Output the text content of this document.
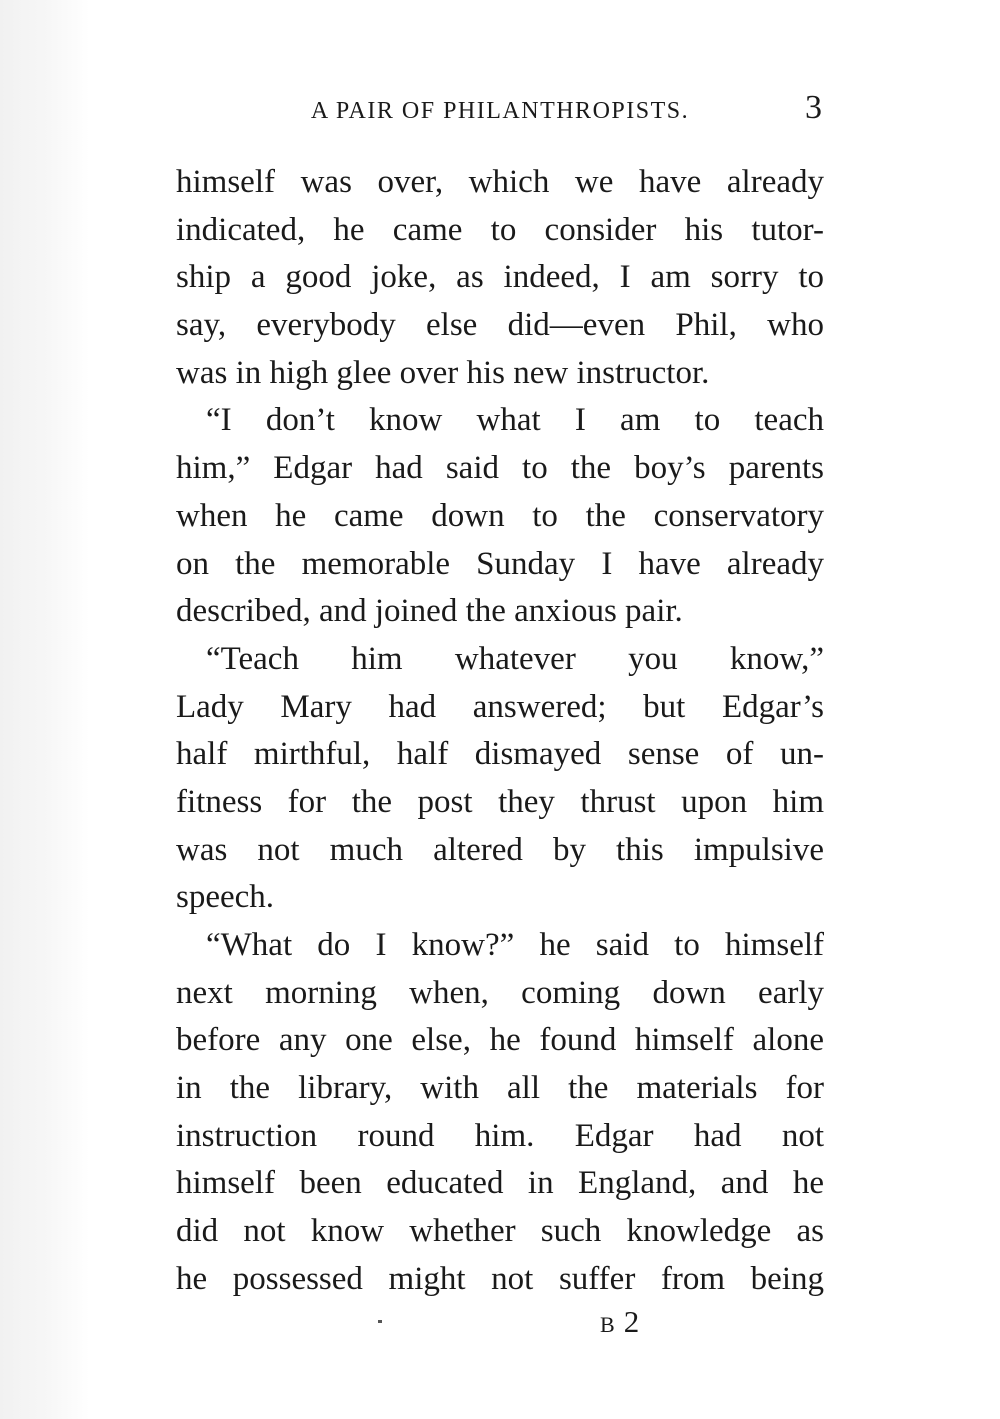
A PAIR OF PHILANTHROPISTS.	3
himself was over, which we have already
indicated, he came to consider his tutor-
ship a good joke, as indeed, I am sorry to
say, everybody else did—even Phil, who
was in high glee over his new instructor.
“I don’t know what I am to teach
him,” Edgar had said to the boy’s parents
when he came down to the conservatory
on the memorable Sunday I have already
described, and joined the anxious pair.
“Teach him whatever you know,”
Lady Mary had answered; but Edgar’s
half mirthful, half dismayed sense of un-
fitness for the post they thrust upon him
was not much altered by this impulsive
speech.
“What do I know?” he said to himself
next morning when, coming down early
before any one else, he found himself alone
in the library, with all the materials for
instruction round him. Edgar had not
himself been educated in England, and he
did not know whether such knowledge as
he possessed might not suffer from being
B 2
